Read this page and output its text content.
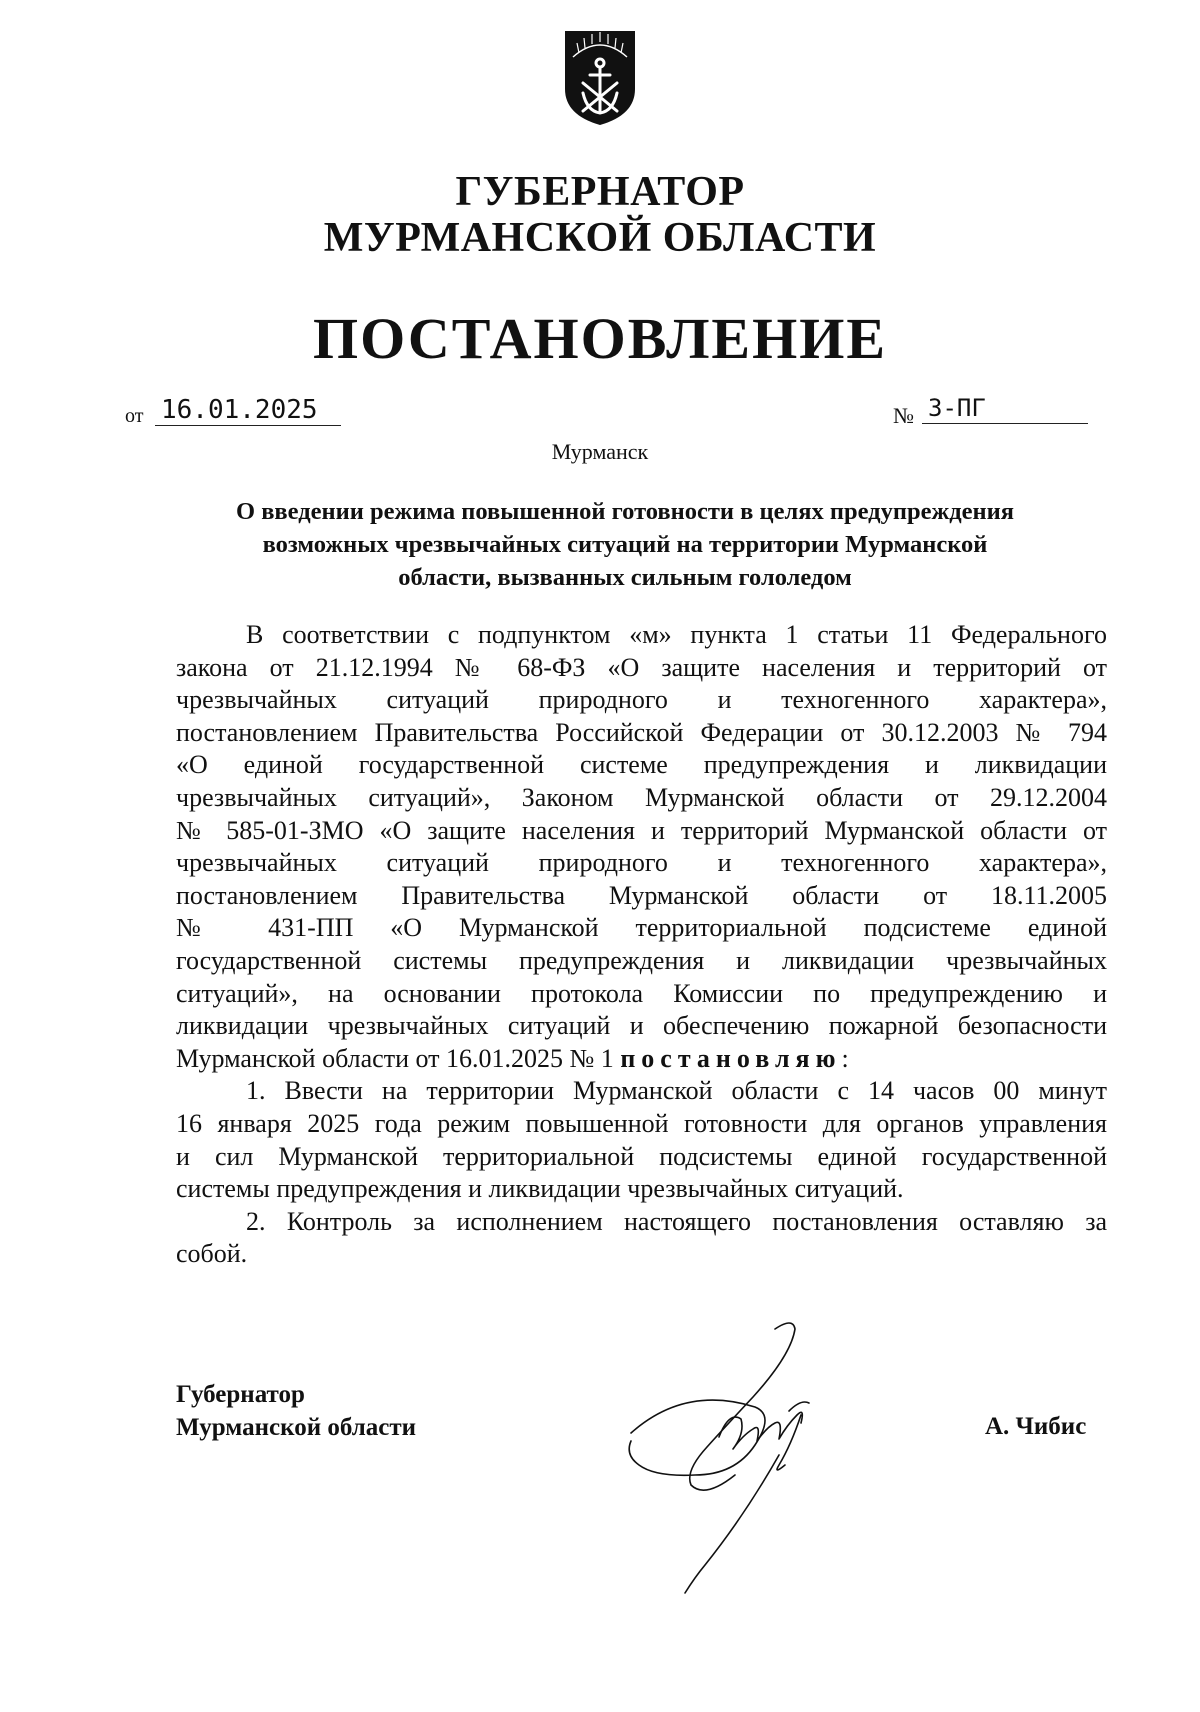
ГУБЕРНАТОР
МУРМАНСКОЙ ОБЛАСТИ
ПОСТАНОВЛЕНИЕ
от 16.01.2025	№ 3-ПГ
Мурманск
О введении режима повышенной готовности в целях предупреждения
возможных чрезвычайных ситуаций на территории Мурманской
области, вызванных сильным гололедом
В соответствии с подпунктом «м» пункта 1 статьи 11 Федерального
закона от 21.12.1994 № 68-ФЗ «О защите населения и территорий от
чрезвычайных ситуаций природного и техногенного характера»,
постановлением Правительства Российской Федерации от 30.12.2003 № 794
«О единой государственной системе предупреждения и ликвидации
чрезвычайных ситуаций», Законом Мурманской области от 29.12.2004
№ 585-01-ЗМО «О защите населения и территорий Мурманской области от
чрезвычайных ситуаций природного и техногенного характера»,
постановлением Правительства Мурманской области от 18.11.2005
№ 431-ПП «О Мурманской территориальной подсистеме единой
государственной системы предупреждения и ликвидации чрезвычайных
ситуаций», на основании протокола Комиссии по предупреждению и
ликвидации чрезвычайных ситуаций и обеспечению пожарной безопасности
Мурманской области от 16.01.2025 № 1 постановляю:
1. Ввести на территории Мурманской области с 14 часов 00 минут
16 января 2025 года режим повышенной готовности для органов управления
и сил Мурманской территориальной подсистемы единой государственной
системы предупреждения и ликвидации чрезвычайных ситуаций.
2. Контроль за исполнением настоящего постановления оставляю за
собой.
Губернатор
Мурманской области	А. Чибис
